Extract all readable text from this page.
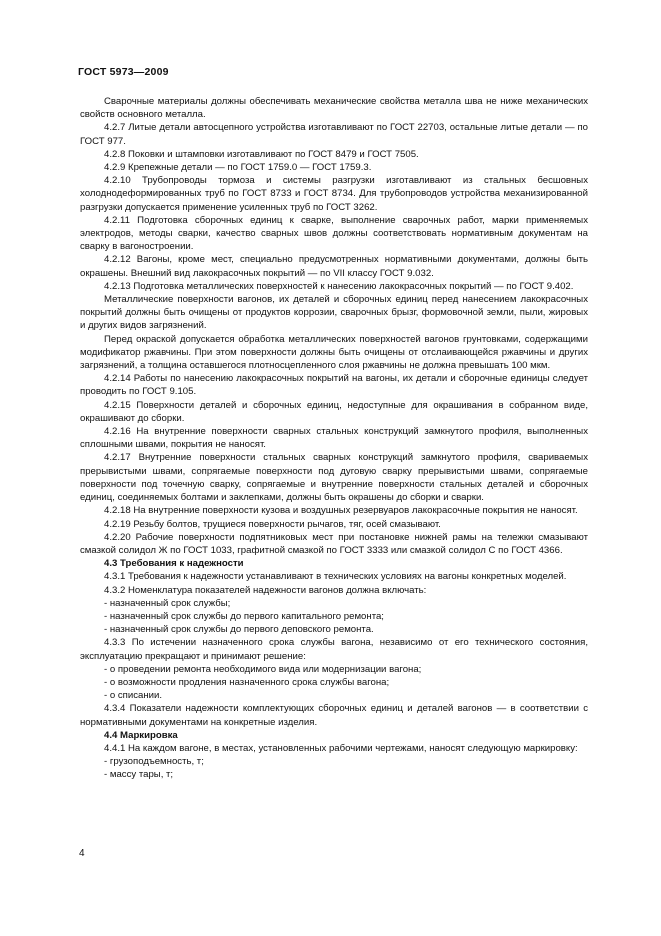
ГОСТ 5973—2009

Сварочные материалы должны обеспечивать механические свойства металла шва не ниже механических свойств основного металла.

4.2.7 Литые детали автосцепного устройства изготавливают по ГОСТ 22703, остальные литые детали — по ГОСТ 977.

4.2.8 Поковки и штамповки изготавливают по ГОСТ 8479 и ГОСТ 7505.

4.2.9 Крепежные детали — по ГОСТ 1759.0 — ГОСТ 1759.3.

4.2.10 Трубопроводы тормоза и системы разгрузки изготавливают из стальных бесшовных холоднодеформированных труб по ГОСТ 8733 и ГОСТ 8734. Для трубопроводов устройства механизированной разгрузки допускается применение усиленных труб по ГОСТ 3262.

4.2.11 Подготовка сборочных единиц к сварке, выполнение сварочных работ, марки применяемых электродов, методы сварки, качество сварных швов должны соответствовать нормативным документам на сварку в вагоностроении.

4.2.12 Вагоны, кроме мест, специально предусмотренных нормативными документами, должны быть окрашены. Внешний вид лакокрасочных покрытий — по VII классу ГОСТ 9.032.

4.2.13 Подготовка металлических поверхностей к нанесению лакокрасочных покрытий — по ГОСТ 9.402.

Металлические поверхности вагонов, их деталей и сборочных единиц перед нанесением лакокрасочных покрытий должны быть очищены от продуктов коррозии, сварочных брызг, формовочной земли, пыли, жировых и других видов загрязнений.

Перед окраской допускается обработка металлических поверхностей вагонов грунтовками, содержащими модификатор ржавчины. При этом поверхности должны быть очищены от отслаивающейся ржавчины и других загрязнений, а толщина оставшегося плотносцепленного слоя ржавчины не должна превышать 100 мкм.

4.2.14 Работы по нанесению лакокрасочных покрытий на вагоны, их детали и сборочные единицы следует проводить по ГОСТ 9.105.

4.2.15 Поверхности деталей и сборочных единиц, недоступные для окрашивания в собранном виде, окрашивают до сборки.

4.2.16 На внутренние поверхности сварных стальных конструкций замкнутого профиля, выполненных сплошными швами, покрытия не наносят.

4.2.17 Внутренние поверхности стальных сварных конструкций замкнутого профиля, свариваемых прерывистыми швами, сопрягаемые поверхности под дуговую сварку прерывистыми швами, сопрягаемые поверхности под точечную сварку, сопрягаемые и внутренние поверхности стальных деталей и сборочных единиц, соединяемых болтами и заклепками, должны быть окрашены до сборки и сварки.

4.2.18 На внутренние поверхности кузова и воздушных резервуаров лакокрасочные покрытия не наносят.

4.2.19 Резьбу болтов, трущиеся поверхности рычагов, тяг, осей смазывают.

4.2.20 Рабочие поверхности подпятниковых мест при постановке нижней рамы на тележки смазывают смазкой солидол Ж по ГОСТ 1033, графитной смазкой по ГОСТ 3333 или смазкой солидол С по ГОСТ 4366.

4.3 Требования к надежности

4.3.1 Требования к надежности устанавливают в технических условиях на вагоны конкретных моделей.

4.3.2 Номенклатура показателей надежности вагонов должна включать:

- назначенный срок службы;

- назначенный срок службы до первого капитального ремонта;

- назначенный срок службы до первого деповского ремонта.

4.3.3 По истечении назначенного срока службы вагона, независимо от его технического состояния, эксплуатацию прекращают и принимают решение:

- о проведении ремонта необходимого вида или модернизации вагона;

- о возможности продления назначенного срока службы вагона;

- о списании.

4.3.4 Показатели надежности комплектующих сборочных единиц и деталей вагонов — в соответствии с нормативными документами на конкретные изделия.

4.4 Маркировка

4.4.1 На каждом вагоне, в местах, установленных рабочими чертежами, наносят следующую маркировку:

- грузоподъемность, т;

- массу тары, т;

4
